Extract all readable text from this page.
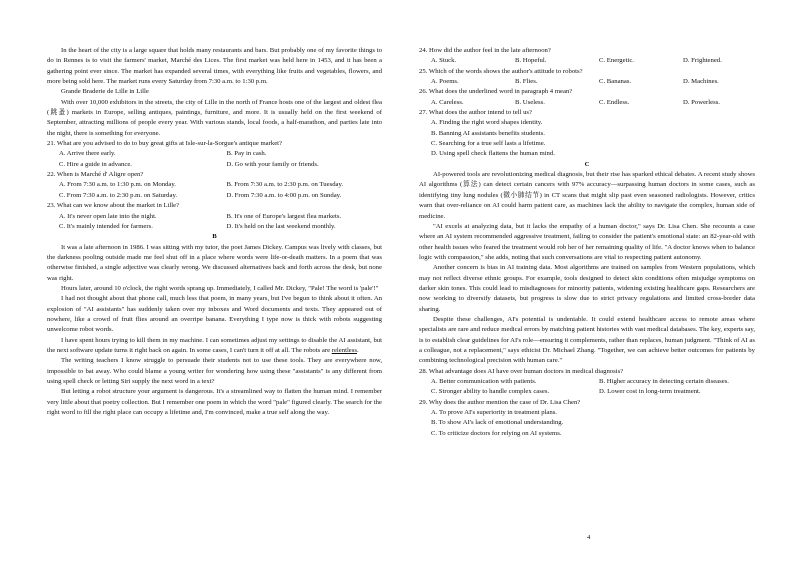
In the heart of the city is a large square that holds many restaurants and bars. But probably one of my favorite things to do in Rennes is to visit the farmers' market, Marché des Lices. The first market was held here in 1453, and it has been a gathering point ever since. The market has expanded several times, with everything like fruits and vegetables, flowers, and more being sold here. The market runs every Saturday from 7:30 a.m. to 1:30 p.m.

Grande Braderie de Lille in Lille

With over 10,000 exhibitors in the streets, the city of Lille in the north of France hosts one of the largest and oldest flea (跳蚤) markets in Europe, selling antiques, paintings, furniture, and more. It is usually held on the first weekend of September, attracting millions of people every year. With various stands, local foods, a half-marathon, and parties late into the night, there is something for everyone.

21. What are you advised to do to buy great gifts at Isle-sur-la-Sorgue's antique market?

A. Arrive there early.	B. Pay in cash.
C. Hire a guide in advance.	D. Go with your family or friends.

22. When is Marché d' Aligre open?

A. From 7:30 a.m. to 1:30 p.m. on Monday.	B. From 7:30 a.m. to 2:30 p.m. on Tuesday.
C. From 7:30 a.m. to 2:30 p.m. on Saturday.	D. From 7:30 a.m. to 4:00 p.m. on Sunday.

23. What can we know about the market in Lille?

A. It's never open late into the night.	B. It's one of Europe's largest flea markets.
C. It's mainly intended for farmers.	D. It's held on the last weekend monthly.

B

It was a late afternoon in 1986. I was sitting with my tutor, the poet James Dickey. Campus was lively with classes, but the darkness pooling outside made me feel shut off in a place where words were life-or-death matters. In a poem that was otherwise finished, a single adjective was clearly wrong. We discussed alternatives back and forth across the desk, but none was right.

Hours later, around 10 o'clock, the right words sprang up. Immediately, I called Mr. Dickey, "Pale! The word is 'pale'!"

I had not thought about that phone call, much less that poem, in many years, but I've begun to think about it often. An explosion of "AI assistants" has suddenly taken over my inboxes and Word documents and texts. They appeared out of nowhere, like a crowd of fruit flies around an overripe banana. Everything I type now is thick with robots suggesting unwelcome robot words.

I have spent hours trying to kill them in my machine. I can sometimes adjust my settings to disable the AI assistant, but the next software update turns it right back on again. In some cases, I can't turn it off at all. The robots are relentless.

The writing teachers I know struggle to persuade their students not to use these tools. They are everywhere now, impossible to bat away. Who could blame a young writer for wondering how using these "assistants" is any different from using spell check or letting Siri supply the next word in a text?

But letting a robot structure your argument is dangerous. It's a streamlined way to flatten the human mind. I remember very little about that poetry collection. But I remember one poem in which the word "pale" figured clearly. The search for the right word to fill the right place can occupy a lifetime and, I'm convinced, make a true self along the way.

24. How did the author feel in the late afternoon?

A. Stuck.	B. Hopeful.	C. Energetic.	D. Frightened.

25. Which of the words shows the author's attitude to robots?

A. Poems.	B. Flies.	C. Bananas.	D. Machines.

26. What does the underlined word in paragraph 4 mean?

A. Careless.	B. Useless.	C. Endless.	D. Powerless.

27. What does the author intend to tell us?

A. Finding the right word shapes identity.
B. Banning AI assistants benefits students.
C. Searching for a true self lasts a lifetime.
D. Using spell check flattens the human mind.

C

AI-powered tools are revolutionizing medical diagnosis, but their rise has sparked ethical debates. A recent study shows AI algorithms (算法) can detect certain cancers with 97% accuracy—surpassing human doctors in some cases, such as identifying tiny lung nodules (微小肺结节) in CT scans that might slip past even seasoned radiologists. However, critics warn that over-reliance on AI could harm patient care, as machines lack the ability to navigate the complex, human side of medicine.

"AI excels at analyzing data, but it lacks the empathy of a human doctor," says Dr. Lisa Chen. She recounts a case where an AI system recommended aggressive treatment, failing to consider the patient's emotional state: an 82-year-old with other health issues who feared the treatment would rob her of her remaining quality of life. "A doctor knows when to balance logic with compassion," she adds, noting that such conversations are vital to respecting patient autonomy.

Another concern is bias in AI training data. Most algorithms are trained on samples from Western populations, which may not reflect diverse ethnic groups. For example, tools designed to detect skin conditions often misjudge symptoms on darker skin tones. This could lead to misdiagnoses for minority patients, widening existing healthcare gaps. Researchers are now working to diversify datasets, but progress is slow due to strict privacy regulations and limited cross-border data sharing.

Despite these challenges, AI's potential is undeniable. It could extend healthcare access to remote areas where specialists are rare and reduce medical errors by matching patient histories with vast medical databases. The key, experts say, is to establish clear guidelines for AI's role—ensuring it complements, rather than replaces, human judgment. "Think of AI as a colleague, not a replacement," says ethicist Dr. Michael Zhang. "Together, we can achieve better outcomes for patients by combining technological precision with human care."

28. What advantage does AI have over human doctors in medical diagnosis?

A. Better communication with patients.	B. Higher accuracy in detecting certain diseases.
C. Stronger ability to handle complex cases.	D. Lower cost in long-term treatment.

29. Why does the author mention the case of Dr. Lisa Chen?

A. To prove AI's superiority in treatment plans.
B. To show AI's lack of emotional understanding.
C. To criticize doctors for relying on AI systems.
4
